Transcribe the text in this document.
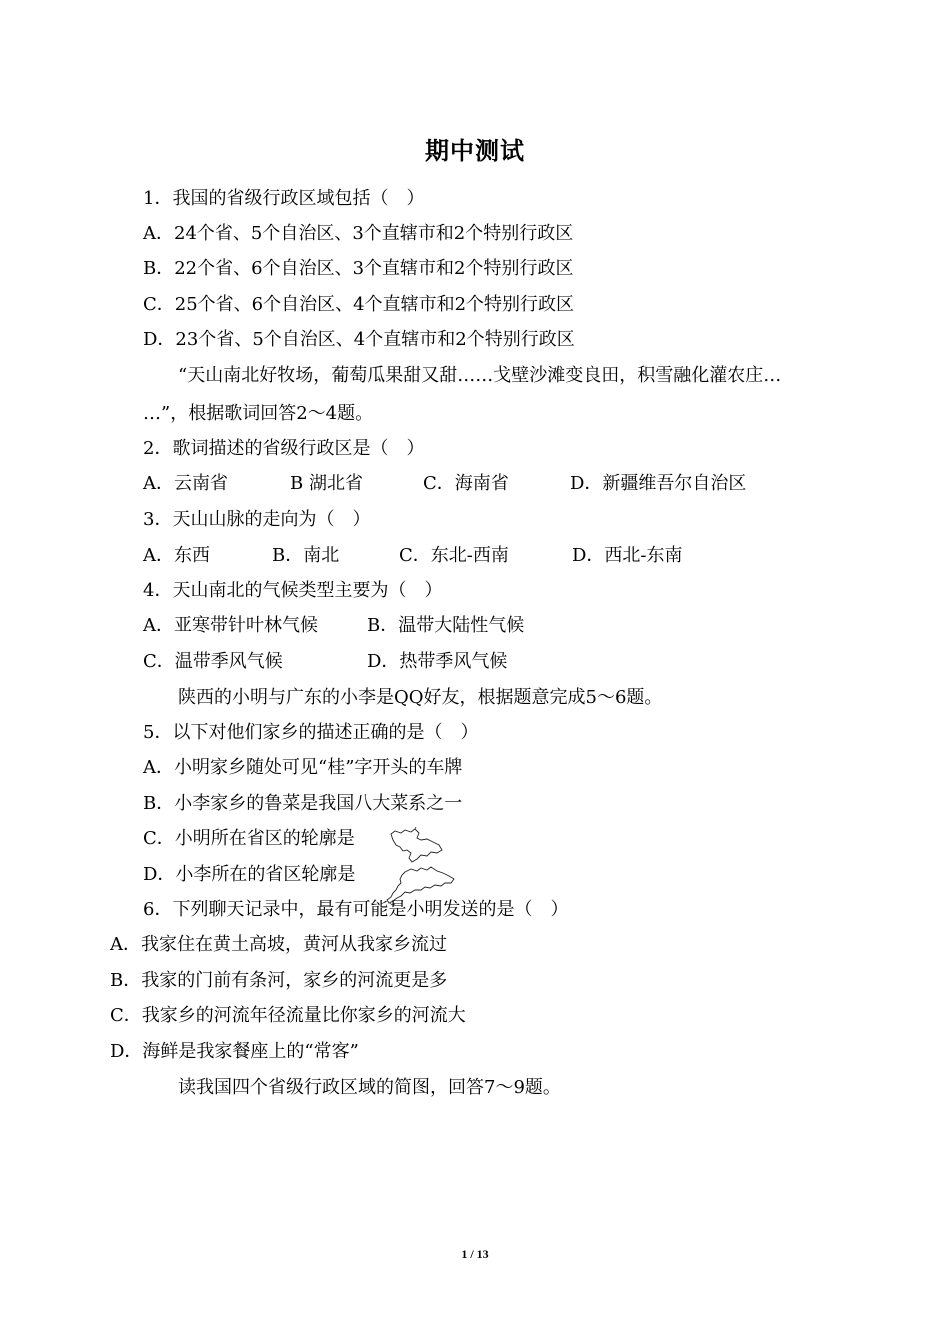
期中测试
1．我国的省级行政区域包括（　）
A．24个省、5个自治区、3个直辖市和2个特别行政区
B．22个省、6个自治区、3个直辖市和2个特别行政区
C．25个省、6个自治区、4个直辖市和2个特别行政区
D．23个省、5个自治区、4个直辖市和2个特别行政区
“天山南北好牧场，葡萄瓜果甜又甜……戈壁沙滩变良田，积雪融化灌农庄…
…”，根据歌词回答2～4题。
2．歌词描述的省级行政区是（　）
A．云南省	B 湖北省	C．海南省	D．新疆维吾尔自治区
3．天山山脉的走向为（　）
A．东西	B．南北	C．东北-西南	D．西北-东南
4．天山南北的气候类型主要为（　）
A．亚寒带针叶林气候	B．温带大陆性气候
C．温带季风气候	D．热带季风气候
陕西的小明与广东的小李是QQ好友，根据题意完成5～6题。
5．以下对他们家乡的描述正确的是（　）
A．小明家乡随处可见“桂”字开头的车牌
B．小李家乡的鲁菜是我国八大菜系之一
C．小明所在省区的轮廓是
D．小李所在的省区轮廓是
6．下列聊天记录中，最有可能是小明发送的是（　）
A．我家住在黄土高坡，黄河从我家乡流过
B．我家的门前有条河，家乡的河流更是多
C．我家乡的河流年径流量比你家乡的河流大
D．海鲜是我家餐座上的“常客”
读我国四个省级行政区域的简图，回答7～9题。
1 / 13
